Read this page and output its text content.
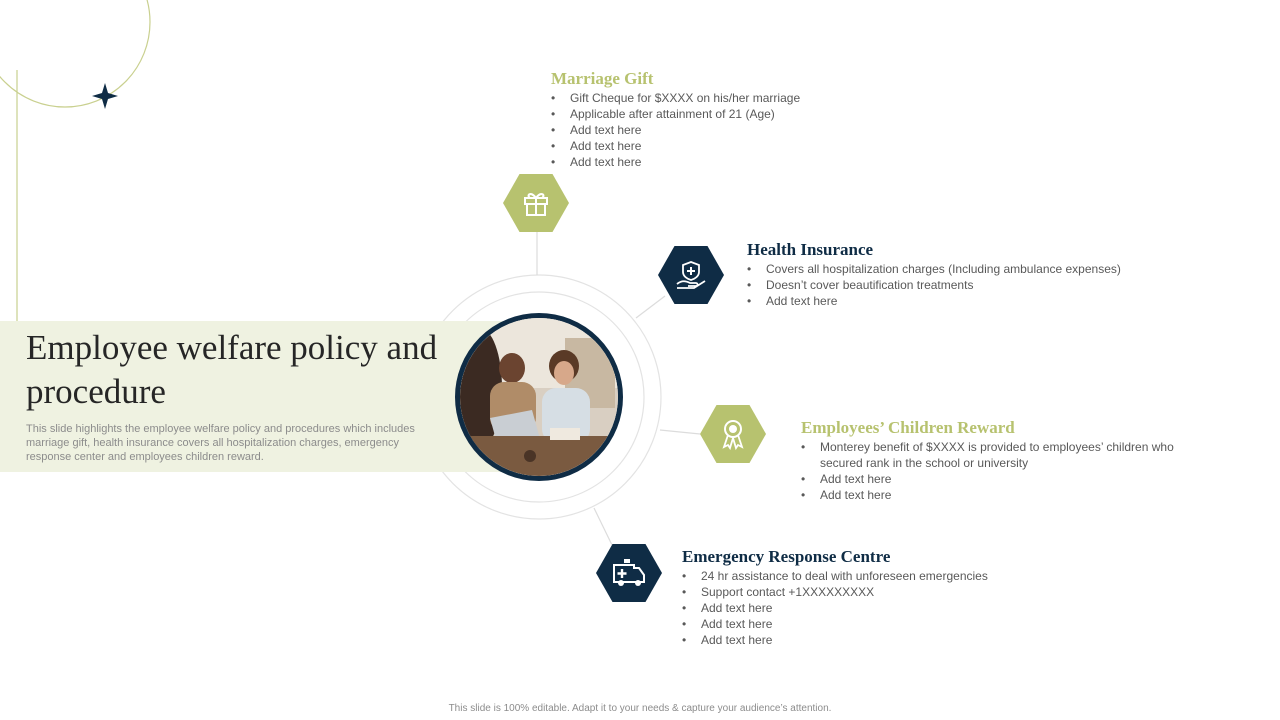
Employee welfare policy and procedure

This slide highlights the employee welfare policy and procedures which includes marriage gift, health insurance covers all hospitalization charges, emergency response center and employees children reward.

Marriage Gift
• Gift Cheque for $XXXX on his/her marriage
• Applicable after attainment of 21 (Age)
• Add text here
• Add text here
• Add text here
Health Insurance
• Covers all hospitalization charges (Including ambulance expenses)
• Doesn’t cover beautification treatments
• Add text here
Employees’ Children Reward
• Monterey benefit of $XXXX is provided to employees’ children who secured rank in the school or university
• Add text here
• Add text here
Emergency Response Centre
• 24 hr assistance to deal with unforeseen emergencies
• Support contact +1XXXXXXXXX
• Add text here
• Add text here
• Add text here
This slide is 100% editable. Adapt it to your needs & capture your audience’s attention.
